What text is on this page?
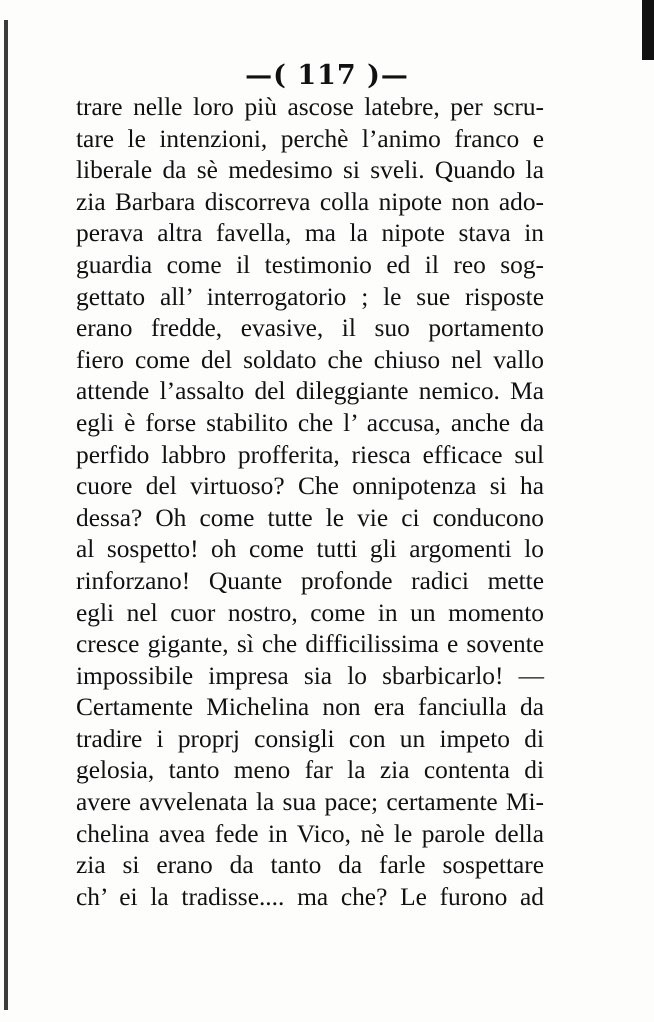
—( 117 )—
trare nelle loro più ascose latebre, per scru-
tare le intenzioni, perchè l’animo franco e
liberale da sè medesimo si sveli. Quando la
zia Barbara discorreva colla nipote non ado-
perava altra favella, ma la nipote stava in
guardia come il testimonio ed il reo sog-
gettato all’ interrogatorio ; le sue risposte
erano fredde, evasive, il suo portamento
fiero come del soldato che chiuso nel vallo
attende l’assalto del dileggiante nemico. Ma
egli è forse stabilito che l’ accusa, anche da
perfido labbro profferita, riesca efficace sul
cuore del virtuoso? Che onnipotenza si ha
dessa? Oh come tutte le vie ci conducono
al sospetto! oh come tutti gli argomenti lo
rinforzano! Quante profonde radici mette
egli nel cuor nostro, come in un momento
cresce gigante, sì che difficilissima e sovente
impossibile impresa sia lo sbarbicarlo! —
Certamente Michelina non era fanciulla da
tradire i proprj consigli con un impeto di
gelosia, tanto meno far la zia contenta di
avere avvelenata la sua pace; certamente Mi-
chelina avea fede in Vico, nè le parole della
zia si erano da tanto da farle sospettare
ch’ ei la tradisse.... ma che? Le furono ad
